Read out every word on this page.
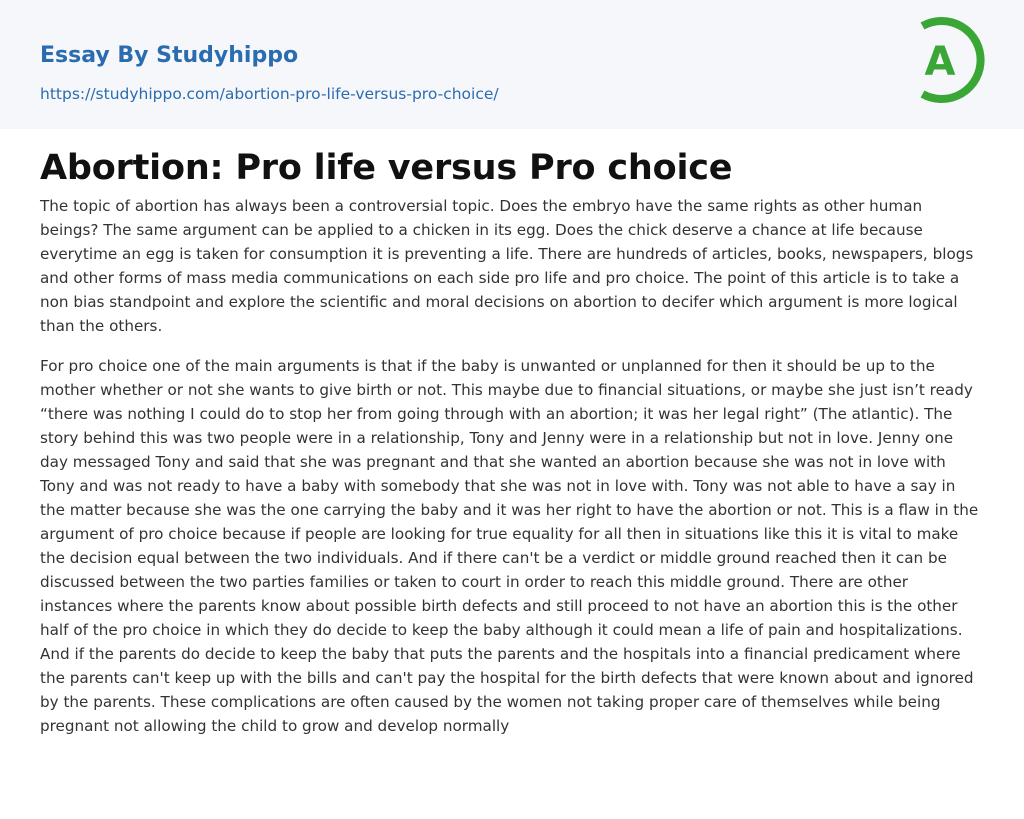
Essay By Studyhippo
https://studyhippo.com/abortion-pro-life-versus-pro-choice/
A
Abortion: Pro life versus Pro choice

The topic of abortion has always been a controversial topic. Does the embryo have the same rights as other human beings? The same argument can be applied to a chicken in its egg. Does the chick deserve a chance at life because everytime an egg is taken for consumption it is preventing a life. There are hundreds of articles, books, newspapers, blogs and other forms of mass media communications on each side pro life and pro choice. The point of this article is to take a non bias standpoint and explore the scientific and moral decisions on abortion to decifer which argument is more logical than the others.

For pro choice one of the main arguments is that if the baby is unwanted or unplanned for then it should be up to the mother whether or not she wants to give birth or not. This maybe due to financial situations, or maybe she just isn’t ready “there was nothing I could do to stop her from going through with an abortion; it was her legal right” (The atlantic). The story behind this was two people were in a relationship, Tony and Jenny were in a relationship but not in love. Jenny one day messaged Tony and said that she was pregnant and that she wanted an abortion because she was not in love with Tony and was not ready to have a baby with somebody that she was not in love with. Tony was not able to have a say in the matter because she was the one carrying the baby and it was her right to have the abortion or not. This is a flaw in the argument of pro choice because if people are looking for true equality for all then in situations like this it is vital to make the decision equal between the two individuals. And if there can't be a verdict or middle ground reached then it can be discussed between the two parties families or taken to court in order to reach this middle ground. There are other instances where the parents know about possible birth defects and still proceed to not have an abortion this is the other half of the pro choice in which they do decide to keep the baby although it could mean a life of pain and hospitalizations. And if the parents do decide to keep the baby that puts the parents and the hospitals into a financial predicament where the parents can't keep up with the bills and can't pay the hospital for the birth defects that were known about and ignored by the parents. These complications are often caused by the women not taking proper care of themselves while being pregnant not allowing the child to grow and develop normally
